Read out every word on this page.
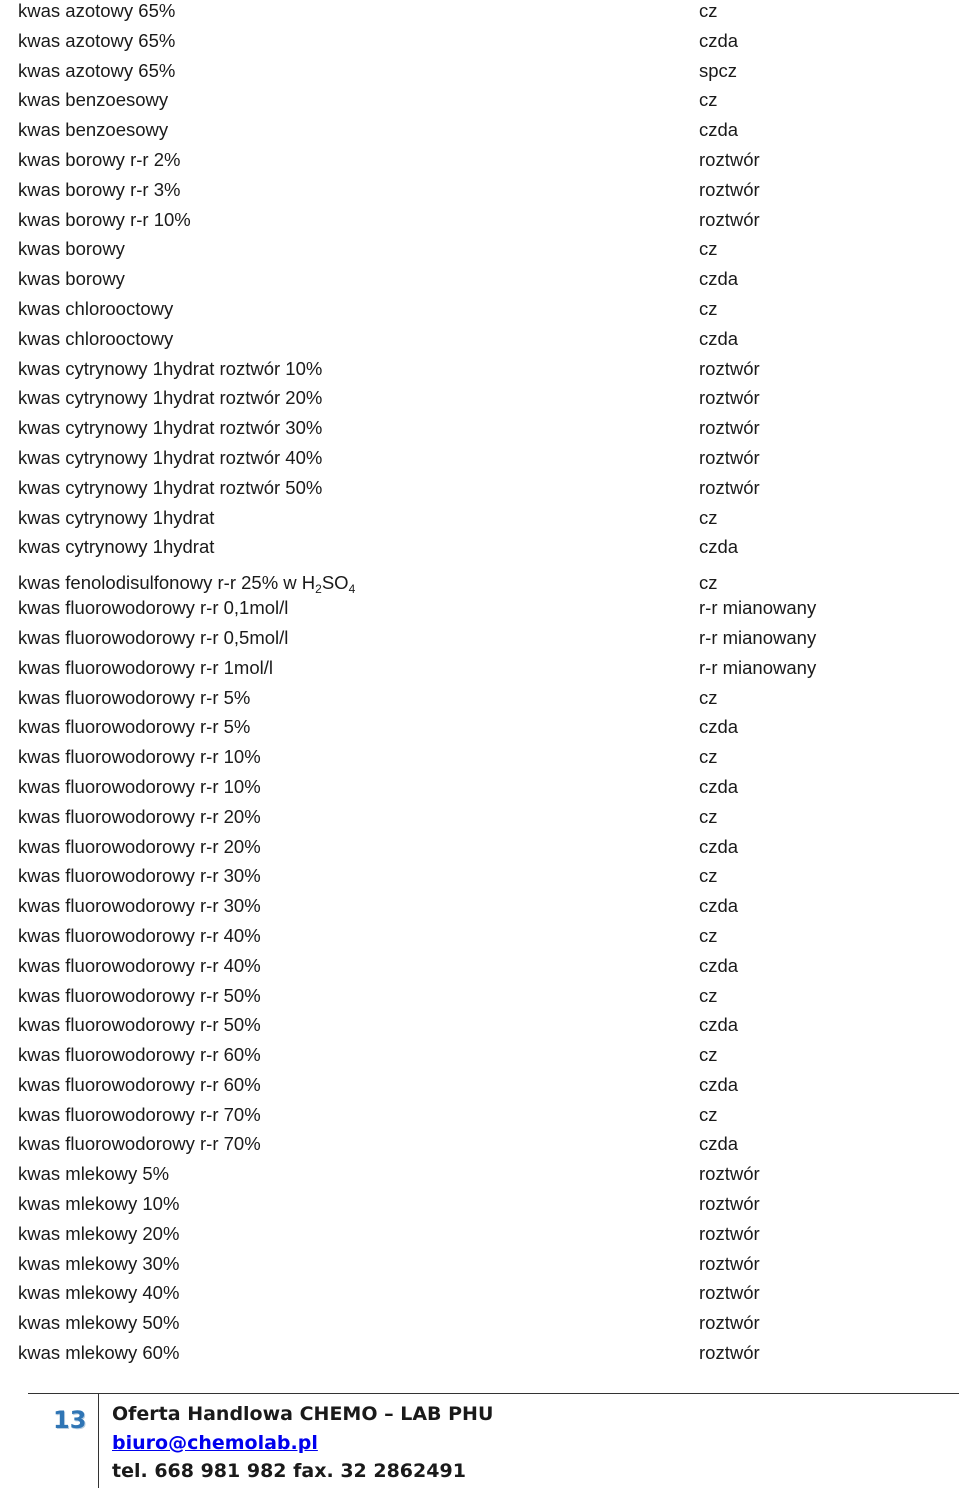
kwas azotowy 65%	cz
kwas azotowy 65%	czda
kwas azotowy 65%	spcz
kwas benzoesowy	cz
kwas benzoesowy	czda
kwas borowy r-r 2%	roztwór
kwas borowy r-r 3%	roztwór
kwas borowy r-r 10%	roztwór
kwas borowy	cz
kwas borowy	czda
kwas chlorooctowy	cz
kwas chlorooctowy	czda
kwas cytrynowy 1hydrat roztwór 10%	roztwór
kwas cytrynowy 1hydrat roztwór 20%	roztwór
kwas cytrynowy 1hydrat roztwór 30%	roztwór
kwas cytrynowy 1hydrat roztwór 40%	roztwór
kwas cytrynowy 1hydrat roztwór 50%	roztwór
kwas cytrynowy 1hydrat	cz
kwas cytrynowy 1hydrat	czda
kwas fenolodisulfonowy r-r 25% w $H_2SO_4$	cz
kwas fluorowodorowy r-r 0,1mol/l	r-r mianowany
kwas fluorowodorowy r-r 0,5mol/l	r-r mianowany
kwas fluorowodorowy r-r 1mol/l	r-r mianowany
kwas fluorowodorowy r-r 5%	cz
kwas fluorowodorowy r-r 5%	czda
kwas fluorowodorowy r-r 10%	cz
kwas fluorowodorowy r-r 10%	czda
kwas fluorowodorowy r-r 20%	cz
kwas fluorowodorowy r-r 20%	czda
kwas fluorowodorowy r-r 30%	cz
kwas fluorowodorowy r-r 30%	czda
kwas fluorowodorowy r-r 40%	cz
kwas fluorowodorowy r-r 40%	czda
kwas fluorowodorowy r-r 50%	cz
kwas fluorowodorowy r-r 50%	czda
kwas fluorowodorowy r-r 60%	cz
kwas fluorowodorowy r-r 60%	czda
kwas fluorowodorowy r-r 70%	cz
kwas fluorowodorowy r-r 70%	czda
kwas mlekowy 5%	roztwór
kwas mlekowy 10%	roztwór
kwas mlekowy 20%	roztwór
kwas mlekowy 30%	roztwór
kwas mlekowy 40%	roztwór
kwas mlekowy 50%	roztwór
kwas mlekowy 60%	roztwór
13 Oferta Handlowa CHEMO – LAB PHU
biuro@chemolab.pl
tel. 668 981 982 fax. 32 2862491
